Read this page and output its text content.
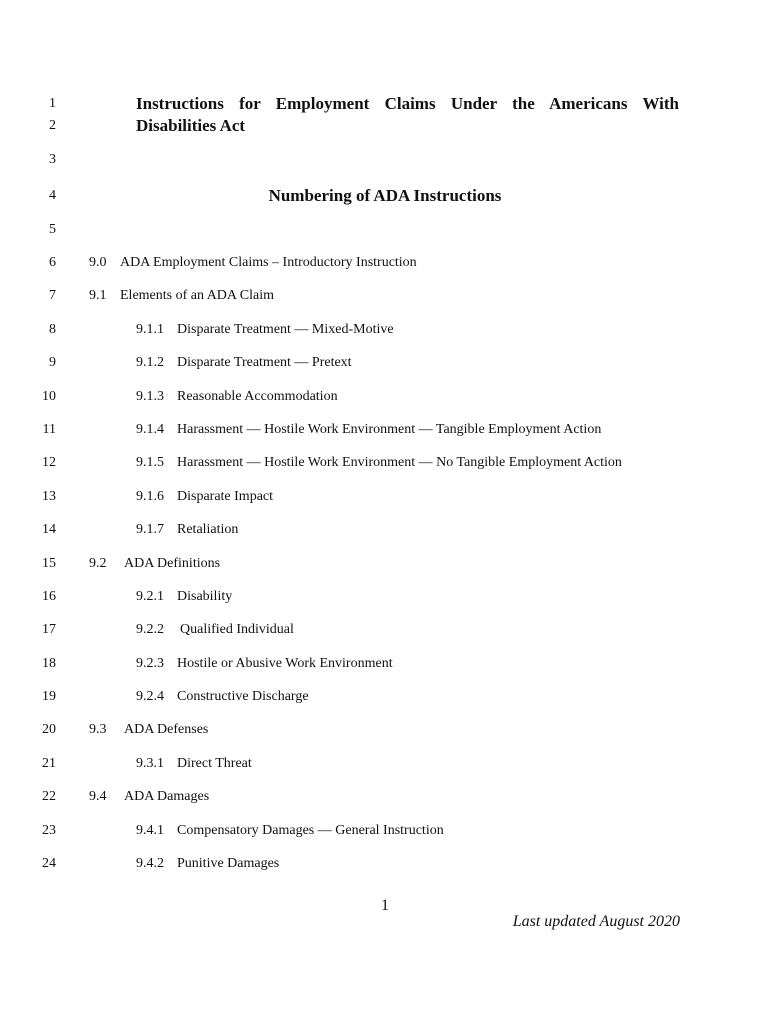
1
2
3
4
5
6
7
8
9
10
11
12
13
14
15
16
17
18
19
20
21
22
23
24
Instructions for Employment Claims Under the Americans With
Disabilities Act
Numbering of ADA Instructions
9.0 ADA Employment Claims – Introductory Instruction
9.1 Elements of an ADA Claim
9.1.1 Disparate Treatment — Mixed-Motive
9.1.2 Disparate Treatment — Pretext
9.1.3 Reasonable Accommodation
9.1.4 Harassment — Hostile Work Environment — Tangible Employment Action
9.1.5 Harassment — Hostile Work Environment — No Tangible Employment Action
9.1.6 Disparate Impact
9.1.7 Retaliation
9.2 ADA Definitions
9.2.1 Disability
9.2.2 Qualified Individual
9.2.3 Hostile or Abusive Work Environment
9.2.4 Constructive Discharge
9.3 ADA Defenses
9.3.1 Direct Threat
9.4 ADA Damages
9.4.1 Compensatory Damages — General Instruction
9.4.2 Punitive Damages
1
Last updated August 2020
